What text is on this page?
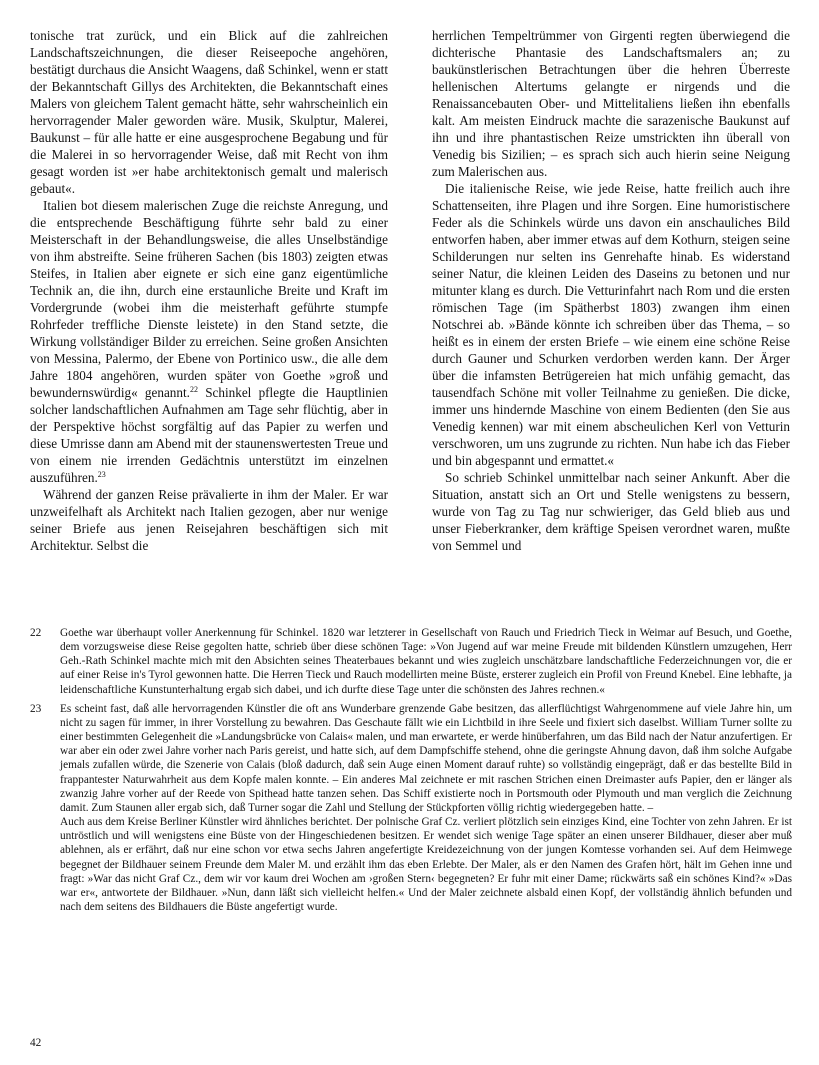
tonische trat zurück, und ein Blick auf die zahlreichen Landschaftszeichnungen, die dieser Reiseepoche angehören, bestätigt durchaus die Ansicht Waagens, daß Schinkel, wenn er statt der Bekanntschaft Gillys des Architekten, die Bekanntschaft eines Malers von gleichem Talent gemacht hätte, sehr wahrscheinlich ein hervorragender Maler geworden wäre. Musik, Skulptur, Malerei, Baukunst – für alle hatte er eine ausgesprochene Begabung und für die Malerei in so hervorragender Weise, daß mit Recht von ihm gesagt worden ist »er habe architektonisch gemalt und malerisch gebaut«.

Italien bot diesem malerischen Zuge die reichste Anregung, und die entsprechende Beschäftigung führte sehr bald zu einer Meisterschaft in der Behandlungsweise, die alles Unselbständige von ihm abstreifte. Seine früheren Sachen (bis 1803) zeigten etwas Steifes, in Italien aber eignete er sich eine ganz eigentümliche Technik an, die ihn, durch eine erstaunliche Breite und Kraft im Vordergrunde (wobei ihm die meisterhaft geführte stumpfe Rohrfeder treffliche Dienste leistete) in den Stand setzte, die Wirkung vollständiger Bilder zu erreichen. Seine großen Ansichten von Messina, Palermo, der Ebene von Portinico usw., die alle dem Jahre 1804 angehören, wurden später von Goethe »groß und bewundernswürdig« genannt.$^{22}$ Schinkel pflegte die Hauptlinien solcher landschaftlichen Aufnahmen am Tage sehr flüchtig, aber in der Perspektive höchst sorgfältig auf das Papier zu werfen und diese Umrisse dann am Abend mit der staunenswertesten Treue und von einem nie irrenden Gedächtnis unterstützt im einzelnen auszuführen.$^{23}$

Während der ganzen Reise prävalierte in ihm der Maler. Er war unzweifelhaft als Architekt nach Italien gezogen, aber nur wenige seiner Briefe aus jenen Reisejahren beschäftigen sich mit Architektur. Selbst die

herrlichen Tempeltrümmer von Girgenti regten überwiegend die dichterische Phantasie des Landschaftsmalers an; zu baukünstlerischen Betrachtungen über die hehren Überreste hellenischen Altertums gelangte er nirgends und die Renaissancebauten Ober- und Mittelitaliens ließen ihn ebenfalls kalt. Am meisten Eindruck machte die sarazenische Baukunst auf ihn und ihre phantastischen Reize umstrickten ihn überall von Venedig bis Sizilien; – es sprach sich auch hierin seine Neigung zum Malerischen aus.

Die italienische Reise, wie jede Reise, hatte freilich auch ihre Schattenseiten, ihre Plagen und ihre Sorgen. Eine humoristischere Feder als die Schinkels würde uns davon ein anschauliches Bild entworfen haben, aber immer etwas auf dem Kothurn, steigen seine Schilderungen nur selten ins Genrehafte hinab. Es widerstand seiner Natur, die kleinen Leiden des Daseins zu betonen und nur mitunter klang es durch. Die Vetturinfahrt nach Rom und die ersten römischen Tage (im Spätherbst 1803) zwangen ihm einen Notschrei ab. »Bände könnte ich schreiben über das Thema, – so heißt es in einem der ersten Briefe – wie einem eine schöne Reise durch Gauner und Schurken verdorben werden kann. Der Ärger über die infamsten Betrügereien hat mich unfähig gemacht, das tausendfach Schöne mit voller Teilnahme zu genießen. Die dicke, immer uns hindernde Maschine von einem Bedienten (den Sie aus Venedig kennen) war mit einem abscheulichen Kerl von Vetturin verschworen, um uns zugrunde zu richten. Nun habe ich das Fieber und bin abgespannt und ermattet.«

So schrieb Schinkel unmittelbar nach seiner Ankunft. Aber die Situation, anstatt sich an Ort und Stelle wenigstens zu bessern, wurde von Tag zu Tag nur schwieriger, das Geld blieb aus und unser Fieberkranker, dem kräftige Speisen verordnet waren, mußte von Semmel und

22	Goethe war überhaupt voller Anerkennung für Schinkel. 1820 war letzterer in Gesellschaft von Rauch und Friedrich Tieck in Weimar auf Besuch, und Goethe, dem vorzugsweise diese Reise gegolten hatte, schrieb über diese schönen Tage: »Von Jugend auf war meine Freude mit bildenden Künstlern umzugehen, Herr Geh.-Rath Schinkel machte mich mit den Absichten seines Theaterbaues bekannt und wies zugleich unschätzbare landschaftliche Federzeichnungen vor, die er auf einer Reise in's Tyrol gewonnen hatte. Die Herren Tieck und Rauch modellirten meine Büste, ersterer zugleich ein Profil von Freund Knebel. Eine lebhafte, ja leidenschaftliche Kunstunterhaltung ergab sich dabei, und ich durfte diese Tage unter die schönsten des Jahres rechnen.«

23	Es scheint fast, daß alle hervorragenden Künstler die oft ans Wunderbare grenzende Gabe besitzen, das allerflüchtigst Wahrgenommene auf viele Jahre hin, um nicht zu sagen für immer, in ihrer Vorstellung zu bewahren. Das Geschaute fällt wie ein Lichtbild in ihre Seele und fixiert sich daselbst. William Turner sollte zu einer bestimmten Gelegenheit die »Landungsbrücke von Calais« malen, und man erwartete, er werde hinüberfahren, um das Bild nach der Natur anzufertigen. Er war aber ein oder zwei Jahre vorher nach Paris gereist, und hatte sich, auf dem Dampfschiffe stehend, ohne die geringste Ahnung davon, daß ihm solche Aufgabe jemals zufallen würde, die Szenerie von Calais (bloß dadurch, daß sein Auge einen Moment darauf ruhte) so vollständig eingeprägt, daß er das bestellte Bild in frappantester Naturwahrheit aus dem Kopfe malen konnte. – Ein anderes Mal zeichnete er mit raschen Strichen einen Dreimaster aufs Papier, den er länger als zwanzig Jahre vorher auf der Reede von Spithead hatte tanzen sehen. Das Schiff existierte noch in Portsmouth oder Plymouth und man verglich die Zeichnung damit. Zum Staunen aller ergab sich, daß Turner sogar die Zahl und Stellung der Stückpforten völlig richtig wiedergegeben hatte. –

Auch aus dem Kreise Berliner Künstler wird ähnliches berichtet. Der polnische Graf Cz. verliert plötzlich sein einziges Kind, eine Tochter von zehn Jahren. Er ist untröstlich und will wenigstens eine Büste von der Hingeschiedenen besitzen. Er wendet sich wenige Tage später an einen unserer Bildhauer, dieser aber muß ablehnen, als er erfährt, daß nur eine schon vor etwa sechs Jahren angefertigte Kreidezeichnung von der jungen Komtesse vorhanden sei. Auf dem Heimwege begegnet der Bildhauer seinem Freunde dem Maler M. und erzählt ihm das eben Erlebte. Der Maler, als er den Namen des Grafen hört, hält im Gehen inne und fragt: »War das nicht Graf Cz., dem wir vor kaum drei Wochen am ›großen Stern‹ begegneten? Er fuhr mit einer Dame; rückwärts saß ein schönes Kind?« »Das war er«, antwortete der Bildhauer. »Nun, dann läßt sich vielleicht helfen.« Und der Maler zeichnete alsbald einen Kopf, der vollständig ähnlich befunden und nach dem seitens des Bildhauers die Büste angefertigt wurde.

42
